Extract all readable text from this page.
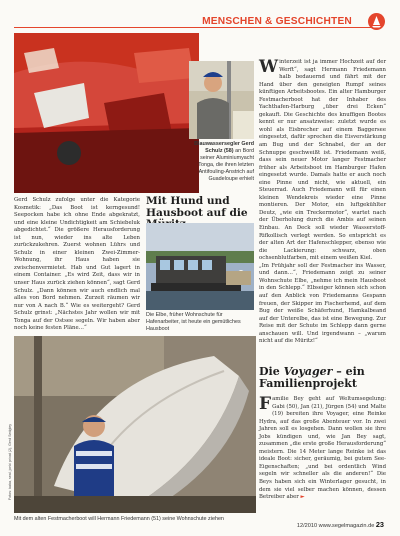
MENSCHEN & GESCHICHTEN
Blauwassersegler Gerd Schulz (58) an Bord seiner Aluminiumyacht Tonga, die ihren letzten Antifouling-Anstrich auf Guadeloupe erhielt

Gerd Schulz zufolge unter die Kategorie Kosmetik: „Das Boot ist kerngesund! Seepocken habe ich ohne Ende abgekratzt, und eine kleine Undichtigkeit am Schiebeluk abgedichtet.“ Die größere Herausforderung ist nun, wieder ins alte Leben zurückzukehren. Zuerst wohnen Lührs und Schulz in einer kleinen Zwei-Zimmer-Wohnung, ihr Haus haben sie zwischenvermietet. Hab und Gut lagert in einem Container. „Es wird Zeit, dass wir in unser Haus zurück ziehen können“, sagt Gerd Schulz. „Dann können wir auch endlich mal alles von Bord nehmen. Zurzeit räumen wir nur von A nach B.“ Wie es weitergeht? Gerd Schulz grinst: „Nächstes Jahr wollen wir mit Tonga auf der Ostsee segeln. Wir haben aber noch keine festen Pläne…“

Mit Hund und Hausboot auf die
Die Elbe, früher Wohnschute für Hafenarbeiter, ist heute ein gemütliches Hausboot

Winterzeit ist ja immer Hochzeit auf der Werft“, sagt Hermann Friedemann halb bedauernd und fährt mit der Hand über den geneigten Rumpf seines künftigen Arbeitsbootes. Ein alter Hamburger Festmacherboot hat der Inhaber des Yachthafen-Harburg „über drei Ecken“ gekauft. Die Geschichte des knuffigen Bootes kennt er nur ansatzweise: zuletzt wurde es wohl als Eisbrecher auf einem Baggersee eingesetzt, dafür sprechen die Eisverstärkung am Bug und der Schnabel, der an der Schnuppe geschweißt ist. Friedemann weiß, dass sein neuer Motor langer Festmacher früher als Arbeitsboot im Hamburger Hafen eingesetzt wurde. Damals hatte er auch noch eine Pinne und nicht, wie aktuell, ein Steuerrad. Auch Friedemann will für einen kleinen Wendekreis wieder eine Pinne montieren. Der Motor, ein luftgekühlter Deutz, „wie ein Treckermotor“, wartet nach der Überholung durch die Ambis auf seinen Einbau. An Deck soll wieder Wasserstoff-Rifkollisch verlegt werden. So entspricht es der alten Art der Hafenschlepper, ebenso wie die Lackierung: schwarz, oben ochsenblutfarben, mit einem weißen Kiel.

„Im Frühjahr soll der Festmacher ins Wasser, und dann…“, Friedemann zeigt zu seiner Wohnschute Elbe, „nehme ich mein Hausboot in den Schlepp.“ Elbseiger können sich schon auf den Anblick von Friedemanns Gespann freuen, der Skipper im Fischerhemd, auf dem Bug der weiße Schäferhund, Hamkalbeand auf der Unterelbe, das ist eine Bewegung. Zur Reise mit der Schute im Schlepp dann gerne anschauen will. Und irgendwann – „warum nicht auf die Müritz!“

Fotos: baba, seal, jonki privat (2), Gerd Sedgley
Mit dem alten Festmacherboot will Hermann Friedemann (51) seine Wohnschute ziehen
Die Voyager – ein Familienprojekt

Familie Bey geht auf Weltumsegelung: Gabi (50), Jan (21), Jürgen (54) und Malte (19) bereiten ihre Voyager, eine Reinke Hydra, auf das große Abenteuer vor. In zwei Jahren soll es losgehen. Dann wollen sie ihre Jobs kündigen und, wie Jan Bey sagt, zusammen „die erste große Herausforderung“ meistern. Die 14 Meter lange Reinke ist das ideale Boot: sicher, geräumig, bei gutem See-Eigenschaften; „und bei ordentlich Wind segeln wir schneller als die anderen!“ Die Beys haben sich ein Winterlager gesucht, in dem sie viel selber machen können, dessen Betreiber aber ►

12/2010 www.segelmagazin.de 23
